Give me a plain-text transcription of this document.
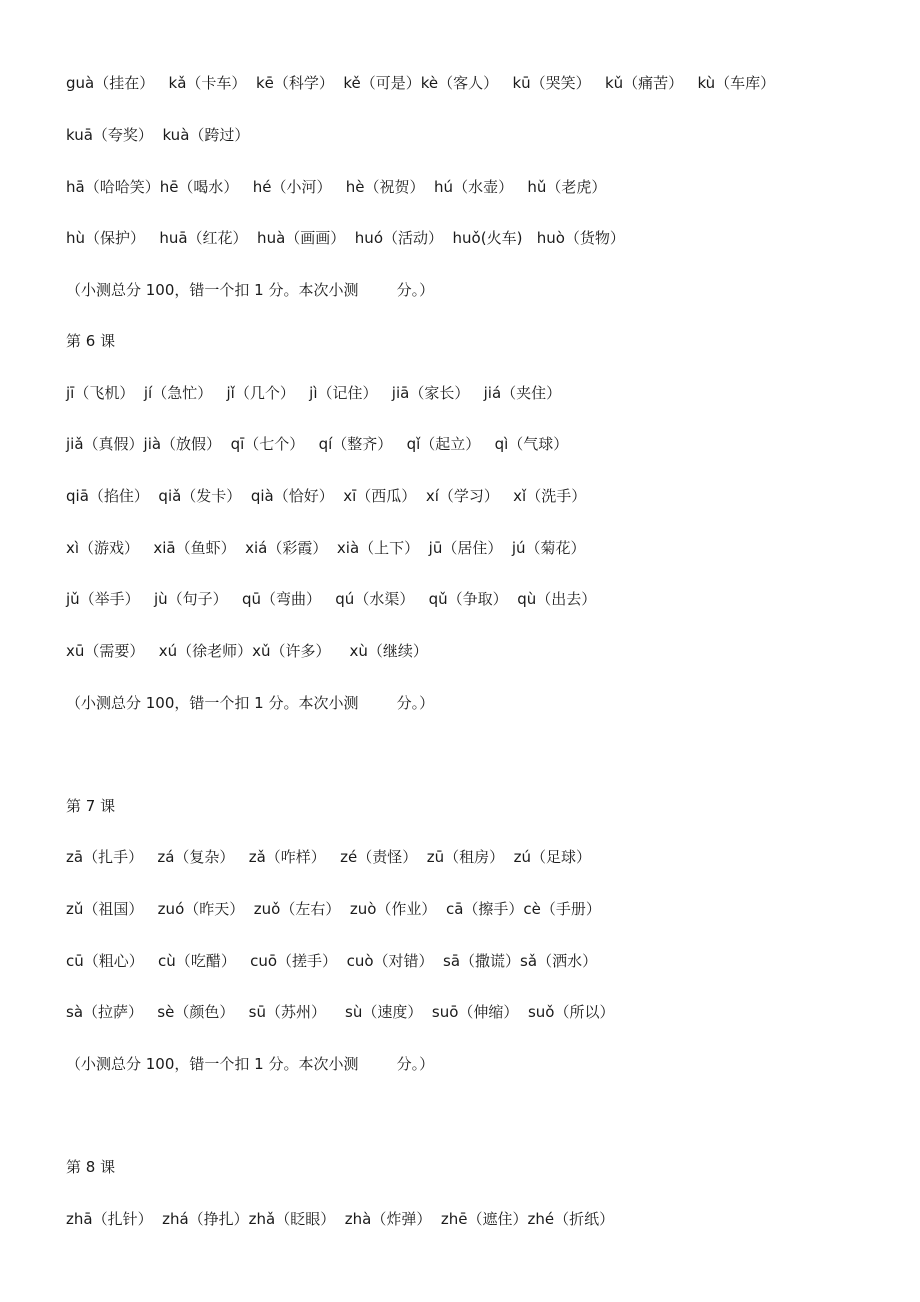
guà（挂在）   kǎ（卡车）  kē（科学）  kě（可是）kè（客人）   kū（哭笑）   kǔ（痛苦）   kù（车库）
kuā（夸奖）  kuà（跨过）
hā（哈哈笑）hē（喝水）   hé（小河）   hè（祝贺）  hú（水壶）   hǔ（老虎）
hù（保护）   huā（红花）  huà（画画）  huó（活动）  huǒ(火车)   huò（货物）
（小测总分 100，错一个扣 1 分。本次小测        分。）
第 6 课
jī（飞机）  jí（急忙）   jǐ（几个）   jì（记住）   jiā（家长）   jiá（夹住）
jiǎ（真假）jià（放假）  qī（七个）   qí（整齐）   qǐ（起立）   qì（气球）
qiā（掐住）  qiǎ（发卡）  qià（恰好）  xī（西瓜）  xí（学习）   xǐ（洗手）
xì（游戏）   xiā（鱼虾）  xiá（彩霞）  xià（上下）  jū（居住）  jú（菊花）
jǔ（举手）   jù（句子）   qū（弯曲）   qú（水渠）   qǔ（争取）  qù（出去）
xū（需要）   xú（徐老师）xǔ（许多）    xù（继续）
（小测总分 100，错一个扣 1 分。本次小测        分。）
第 7 课
zā（扎手）   zá（复杂）   zǎ（咋样）   zé（责怪）  zū（租房）  zú（足球）
zǔ（祖国）   zuó（昨天）  zuǒ（左右）  zuò（作业）  cā（擦手）cè（手册）
cū（粗心）   cù（吃醋）   cuō（搓手）  cuò（对错）  sā（撒谎）sǎ（洒水）
sà（拉萨）   sè（颜色）   sū（苏州）    sù（速度）  suō（伸缩）  suǒ（所以）
（小测总分 100，错一个扣 1 分。本次小测        分。）
第 8 课
zhā（扎针）  zhá（挣扎）zhǎ（眨眼）  zhà（炸弹）  zhē（遮住）zhé（折纸）
